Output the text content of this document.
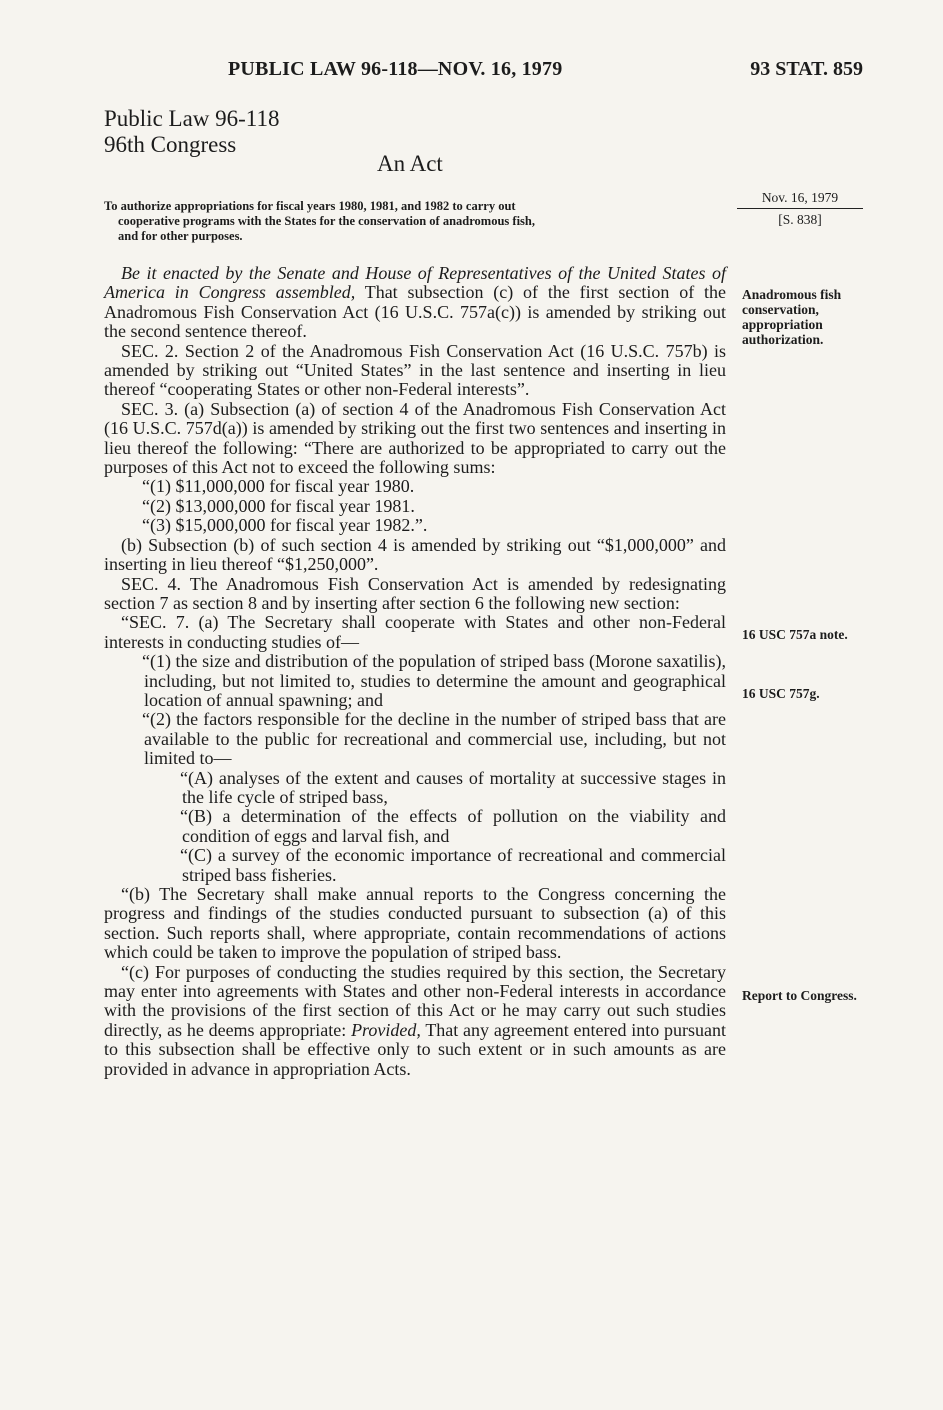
PUBLIC LAW 96-118—NOV. 16, 1979	93 STAT. 859
Public Law 96-118
96th Congress
An Act
To authorize appropriations for fiscal years 1980, 1981, and 1982 to carry out
cooperative programs with the States for the conservation of anadromous fish,
and for other purposes.
Nov. 16, 1979
[S. 838]
Anadromous fish conservation, appropriation authorization.
16 USC 757a note.
16 USC 757g.
Report to Congress.

Be it enacted by the Senate and House of Representatives of the United States of America in Congress assembled, That subsection (c) of the first section of the Anadromous Fish Conservation Act (16 U.S.C. 757a(c)) is amended by striking out the second sentence thereof.

SEC. 2. Section 2 of the Anadromous Fish Conservation Act (16 U.S.C. 757b) is amended by striking out “United States” in the last sentence and inserting in lieu thereof “cooperating States or other non-Federal interests”.

SEC. 3. (a) Subsection (a) of section 4 of the Anadromous Fish Conservation Act (16 U.S.C. 757d(a)) is amended by striking out the first two sentences and inserting in lieu thereof the following: “There are authorized to be appropriated to carry out the purposes of this Act not to exceed the following sums:

“(1) $11,000,000 for fiscal year 1980.

“(2) $13,000,000 for fiscal year 1981.

“(3) $15,000,000 for fiscal year 1982.”.

(b) Subsection (b) of such section 4 is amended by striking out “$1,000,000” and inserting in lieu thereof “$1,250,000”.

SEC. 4. The Anadromous Fish Conservation Act is amended by redesignating section 7 as section 8 and by inserting after section 6 the following new section:

“SEC. 7. (a) The Secretary shall cooperate with States and other non-Federal interests in conducting studies of—

“(1) the size and distribution of the population of striped bass (Morone saxatilis), including, but not limited to, studies to determine the amount and geographical location of annual spawning; and

“(2) the factors responsible for the decline in the number of striped bass that are available to the public for recreational and commercial use, including, but not limited to—

“(A) analyses of the extent and causes of mortality at successive stages in the life cycle of striped bass,

“(B) a determination of the effects of pollution on the viability and condition of eggs and larval fish, and

“(C) a survey of the economic importance of recreational and commercial striped bass fisheries.

“(b) The Secretary shall make annual reports to the Congress concerning the progress and findings of the studies conducted pursuant to subsection (a) of this section. Such reports shall, where appropriate, contain recommendations of actions which could be taken to improve the population of striped bass.

“(c) For purposes of conducting the studies required by this section, the Secretary may enter into agreements with States and other non-Federal interests in accordance with the provisions of the first section of this Act or he may carry out such studies directly, as he deems appropriate: Provided, That any agreement entered into pursuant to this subsection shall be effective only to such extent or in such amounts as are provided in advance in appropriation Acts.
